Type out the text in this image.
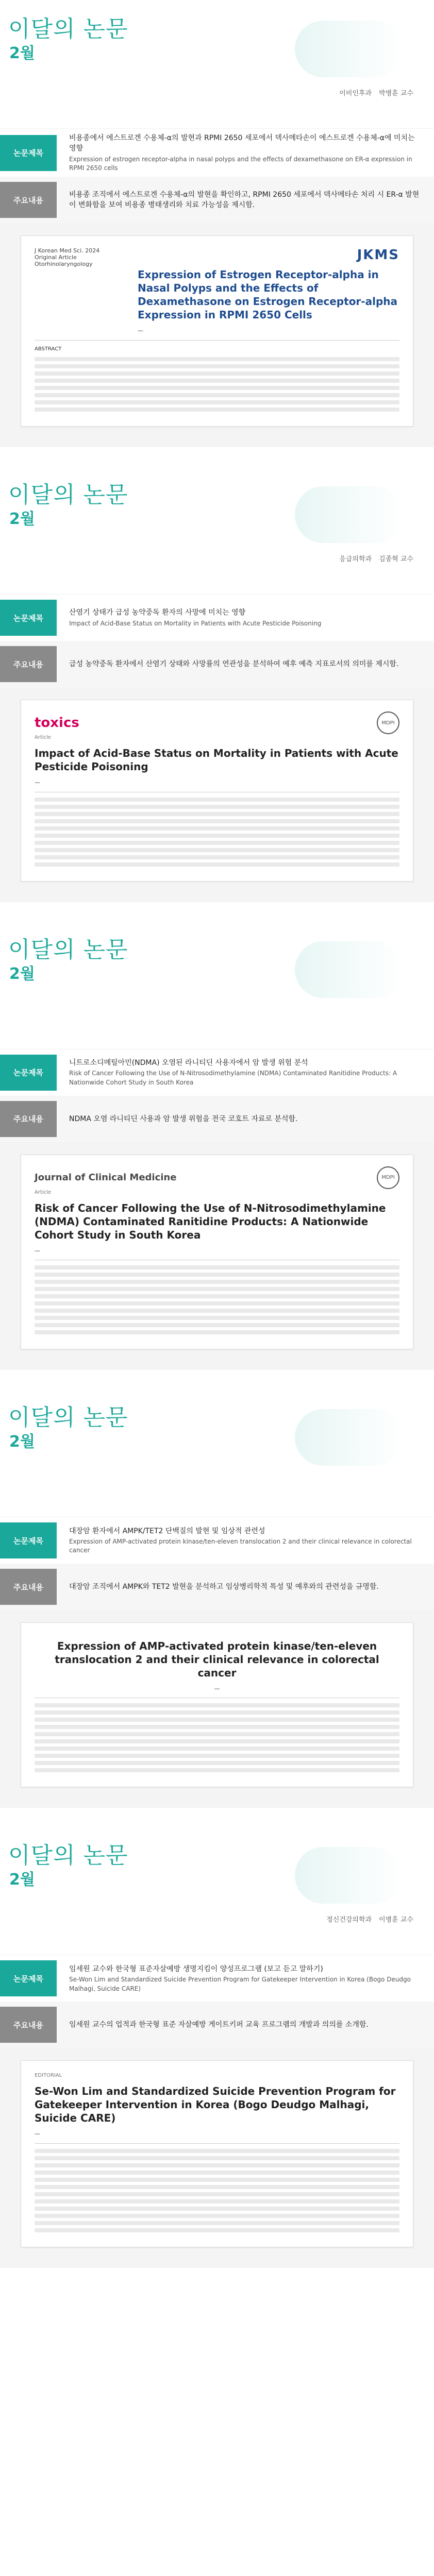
이달의 논문
2월
이비인후과 박병훈 교수
논문제목
비용종에서 에스트로겐 수용체-α의 발현과 RPMI 2650 세포에서 덱사메타손이 에스트로겐 수용체-α에 미치는 영향
Expression of estrogen receptor-alpha in nasal polyps and the effects of dexamethasone on ER-α expression in RPMI 2650 cells
주요내용
비용종 조직에서 에스트로겐 수용체-α의 발현을 확인하고, RPMI 2650 세포에서 덱사메타손 처리 시 ER-α 발현이 변화함을 보여 비용종 병태생리와 치료 가능성을 제시함.
J Korean Med Sci. 2024
Original Article
Otorhinolaryngology
JKMS
Expression of Estrogen Receptor-alpha in Nasal Polyps and the Effects of Dexamethasone on Estrogen Receptor-alpha Expression in RPMI 2650 Cells
—
ABSTRACT
이달의 논문
2월
응급의학과 김종혁 교수
논문제목
산염기 상태가 급성 농약중독 환자의 사망에 미치는 영향
Impact of Acid-Base Status on Mortality in Patients with Acute Pesticide Poisoning
주요내용	급성 농약중독 환자에서 산염기 상태와 사망률의 연관성을 분석하여 예후 예측 지표로서의 의미를 제시함.
toxics	MDPI
Article
Impact of Acid-Base Status on Mortality in Patients with Acute Pesticide Poisoning
—
이달의 논문
2월
논문제목
니트로소디메틸아민(NDMA) 오염된 라니티딘 사용자에서 암 발생 위험 분석
Risk of Cancer Following the Use of N-Nitrosodimethylamine (NDMA) Contaminated Ranitidine Products: A Nationwide Cohort Study in South Korea
주요내용	NDMA 오염 라니티딘 사용과 암 발생 위험을 전국 코호트 자료로 분석함.
Journal of Clinical Medicine	MDPI
Article
Risk of Cancer Following the Use of N-Nitrosodimethylamine (NDMA) Contaminated Ranitidine Products: A Nationwide Cohort Study in South Korea
—
이달의 논문
2월
논문제목
대장암 환자에서 AMPK/TET2 단백질의 발현 및 임상적 관련성
Expression of AMP-activated protein kinase/ten-eleven translocation 2 and their clinical relevance in colorectal cancer
주요내용	대장암 조직에서 AMPK와 TET2 발현을 분석하고 임상병리학적 특성 및 예후와의 관련성을 규명함.
Expression of AMP-activated protein kinase/ten-eleven translocation 2 and their clinical relevance in colorectal cancer
—
이달의 논문
2월
정신건강의학과 이병훈 교수
논문제목
임세원 교수와 한국형 표준자살예방 생명지킴이 양성프로그램 (보고 듣고 말하기)
Se-Won Lim and Standardized Suicide Prevention Program for Gatekeeper Intervention in Korea (Bogo Deudgo Malhagi, Suicide CARE)
주요내용	임세원 교수의 업적과 한국형 표준 자살예방 게이트키퍼 교육 프로그램의 개발과 의의를 소개함.
EDITORIAL
Se-Won Lim and Standardized Suicide Prevention Program for Gatekeeper Intervention in Korea (Bogo Deudgo Malhagi, Suicide CARE)
—
